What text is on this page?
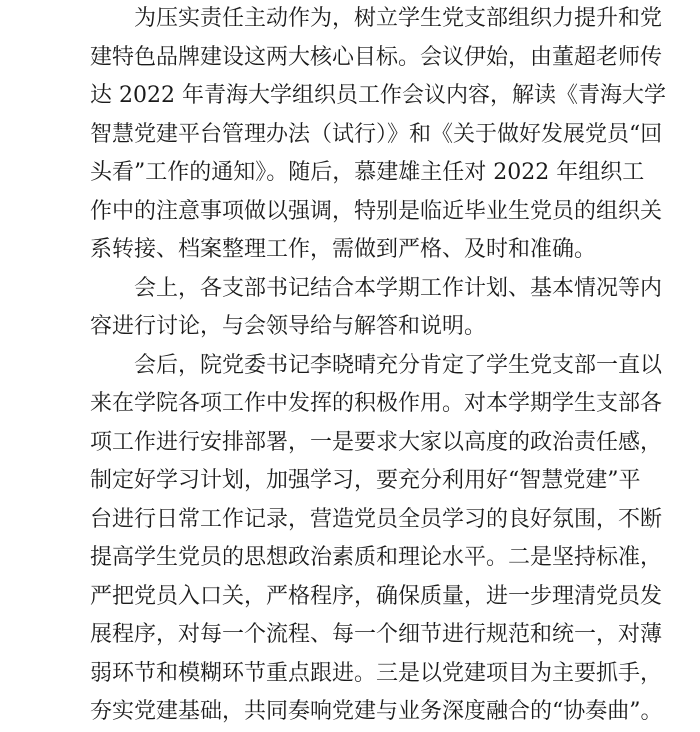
为压实责任主动作为，树立学生党支部组织力提升和党
建特色品牌建设这两大核心目标。会议伊始，由董超老师传
达 2022 年青海大学组织员工作会议内容，解读《青海大学
智慧党建平台管理办法（试行）》和《关于做好发展党员“回
头看”工作的通知》。随后，慕建雄主任对 2022 年组织工
作中的注意事项做以强调，特别是临近毕业生党员的组织关
系转接、档案整理工作，需做到严格、及时和准确。
会上，各支部书记结合本学期工作计划、基本情况等内
容进行讨论，与会领导给与解答和说明。
会后，院党委书记李晓晴充分肯定了学生党支部一直以
来在学院各项工作中发挥的积极作用。对本学期学生支部各
项工作进行安排部署，一是要求大家以高度的政治责任感，
制定好学习计划，加强学习，要充分利用好“智慧党建”平
台进行日常工作记录，营造党员全员学习的良好氛围，不断
提高学生党员的思想政治素质和理论水平。二是坚持标准，
严把党员入口关，严格程序，确保质量，进一步理清党员发
展程序，对每一个流程、每一个细节进行规范和统一，对薄
弱环节和模糊环节重点跟进。三是以党建项目为主要抓手，
夯实党建基础，共同奏响党建与业务深度融合的“协奏曲”。
